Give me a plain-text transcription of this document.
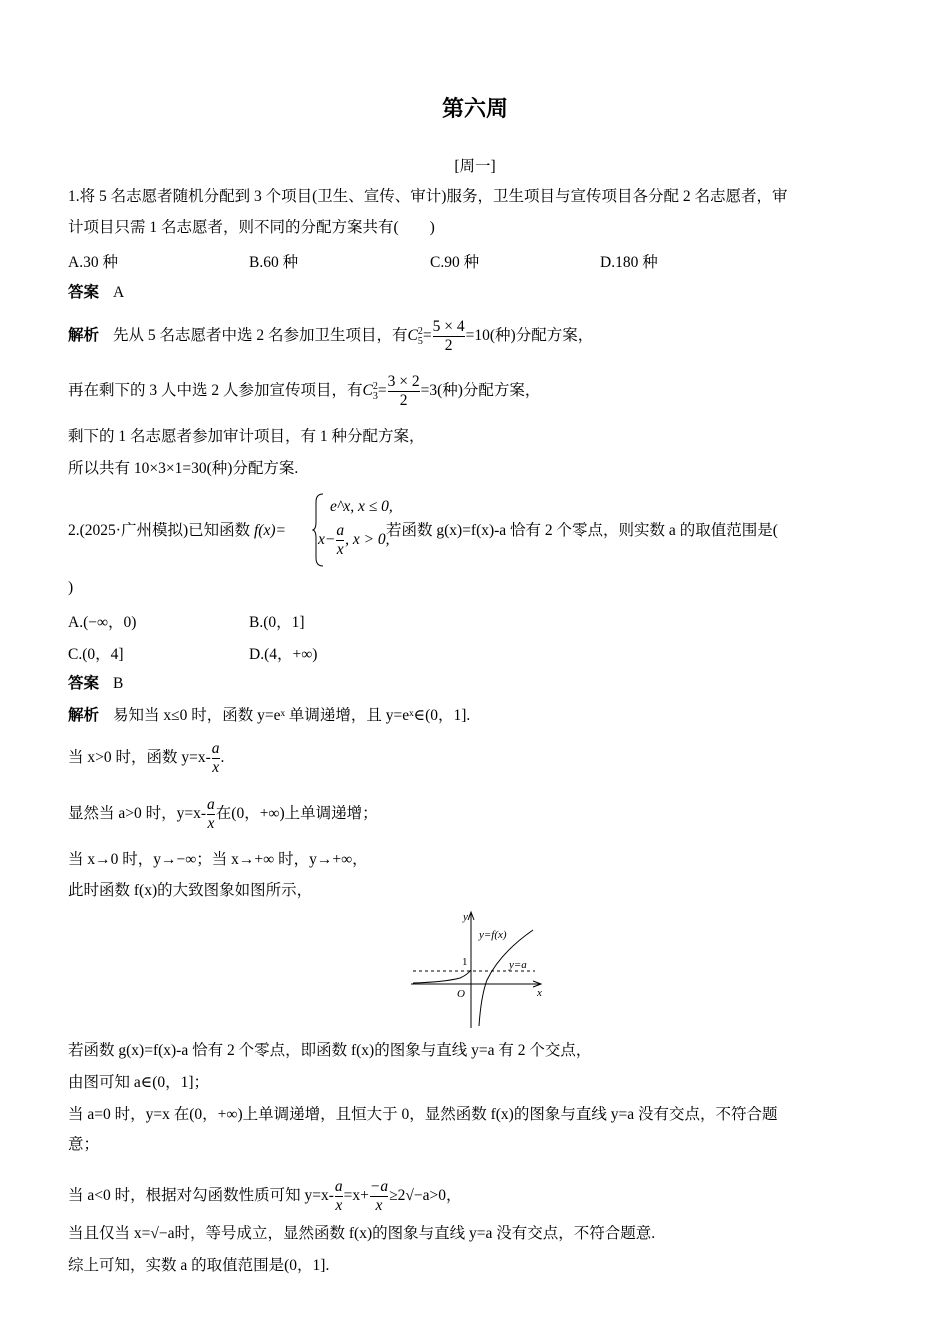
第六周
[周一]
1.将 5 名志愿者随机分配到 3 个项目(卫生、宣传、审计)服务，卫生项目与宣传项目各分配 2 名志愿者，审
计项目只需 1 名志愿者，则不同的分配方案共有(　　)
A.30 种	B.60 种	C.90 种	D.180 种
答案 A
解析 先从 5 名志愿者中选 2 名参加卫生项目，有C 2
$5 = \frac{5 \times 4}{2} =10$(种)分配方案，
再在剩下的 3 人中选 2 人参加宣传项目，有C 2
$3 = \frac{3 \times 2}{2} =3$(种)分配方案，
剩下的 1 名志愿者参加审计项目，有 1 种分配方案，
所以共有 10×3×1=30(种)分配方案.
2.(2025·广州模拟)已知函数 f(x)=	若函数 g(x)=f(x)-a 恰有 2 个零点，则实数 a 的取值范围是(
e^x, x ≤ 0,
$x- \frac{a}{x}$ , x > 0,
)
A.(−∞，0)	B.(0，1]
C.(0，4]	D.(4，+∞)
答案 B
解析 易知当 x≤0 时，函数 y=eˣ 单调递增，且 y=eˣ∈(0，1].
当 x>0 时，函数 $y=x- \frac{a}{x}$ .
显然当 a>0 时，$y=x- \frac{a}{x}$ 在(0，+∞)上单调递增；
当 x→0 时，y→−∞；当 x→+∞ 时，y→+∞，
此时函数 f(x)的大致图象如图所示，
y
x
O
1
y=f(x)
y=a
若函数 g(x)=f(x)-a 恰有 2 个零点，即函数 f(x)的图象与直线 y=a 有 2 个交点，
由图可知 a∈(0，1]；
当 a=0 时，y=x 在(0，+∞)上单调递增，且恒大于 0，显然函数 f(x)的图象与直线 y=a 没有交点，不符合题
意；
当 a<0 时，根据对勾函数性质可知 $y=x- \frac{a}{x} =x+ \frac{-a}{x} \ge 2√-a>0$，
当且仅当 x=√−a时，等号成立，显然函数 f(x)的图象与直线 y=a 没有交点，不符合题意.
综上可知，实数 a 的取值范围是(0，1].
